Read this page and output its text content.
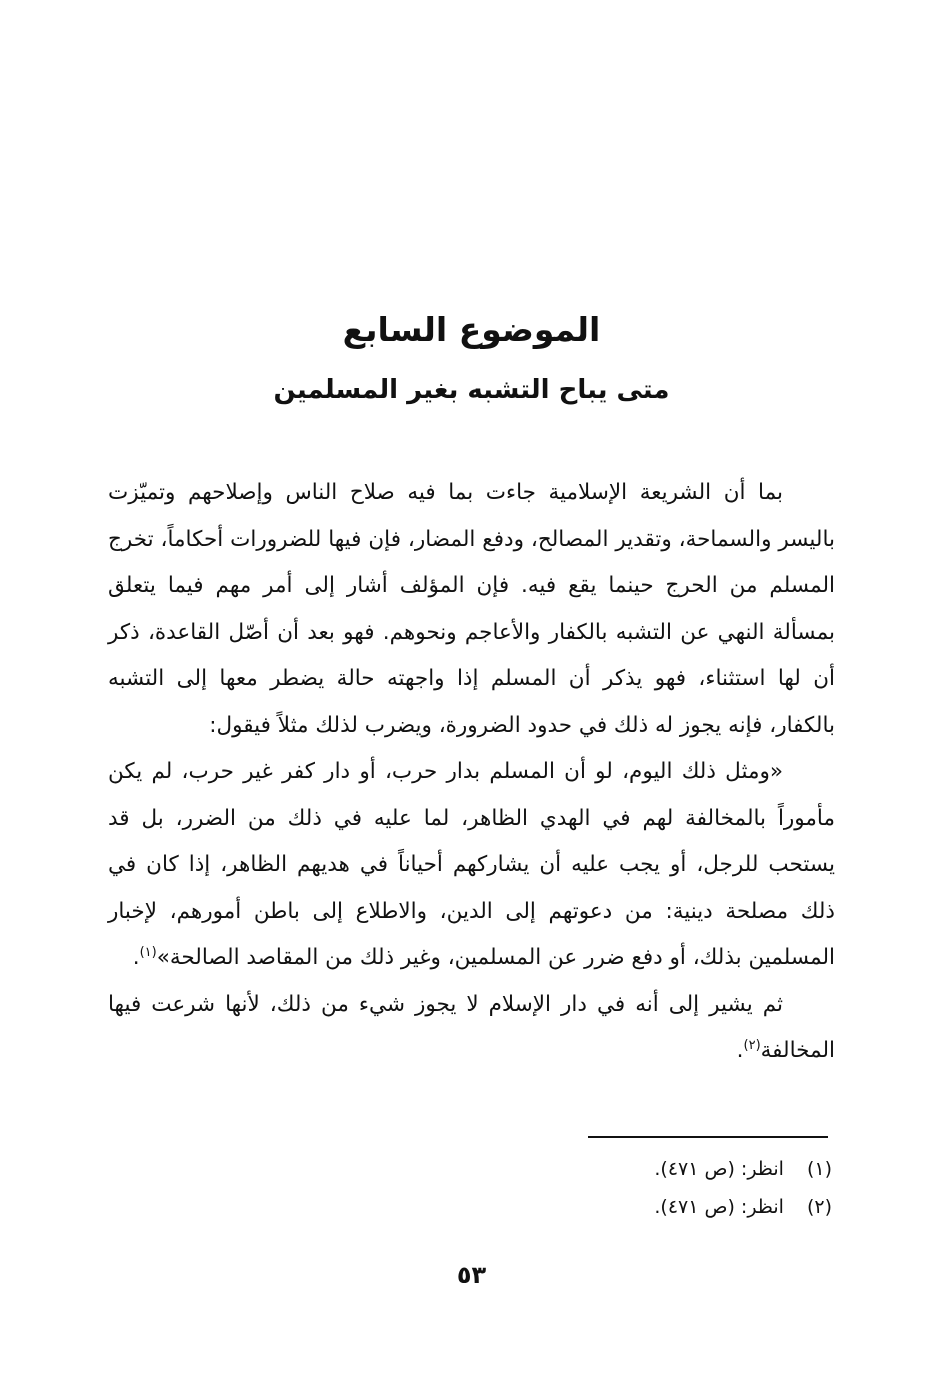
الموضوع السابع
متى يباح التشبه بغير المسلمين

بما أن الشريعة الإسلامية جاءت بما فيه صلاح الناس وإصلاحهم وتميّزت باليسر والسماحة، وتقدير المصالح، ودفع المضار، فإن فيها للضرورات أحكاماً، تخرج المسلم من الحرج حينما يقع فيه. فإن المؤلف أشار إلى أمر مهم فيما يتعلق بمسألة النهي عن التشبه بالكفار والأعاجم ونحوهم. فهو بعد أن أصّل القاعدة، ذكر أن لها استثناء، فهو يذكر أن المسلم إذا واجهته حالة يضطر معها إلى التشبه بالكفار، فإنه يجوز له ذلك في حدود الضرورة، ويضرب لذلك مثلاً فيقول:

«ومثل ذلك اليوم، لو أن المسلم بدار حرب، أو دار كفر غير حرب، لم يكن مأموراً بالمخالفة لهم في الهدي الظاهر، لما عليه في ذلك من الضرر، بل قد يستحب للرجل، أو يجب عليه أن يشاركهم أحياناً في هديهم الظاهر، إذا كان في ذلك مصلحة دينية: من دعوتهم إلى الدين، والاطلاع إلى باطن أمورهم، لإخبار المسلمين بذلك، أو دفع ضرر عن المسلمين، وغير ذلك من المقاصد الصالحة»$^{(١)}$.

ثم يشير إلى أنه في دار الإسلام لا يجوز شيء من ذلك، لأنها شرعت فيها المخالفة$^{(٢)}$.

(١) انظر: (ص ٤٧١).
(٢) انظر: (ص ٤٧١).
٥٣
